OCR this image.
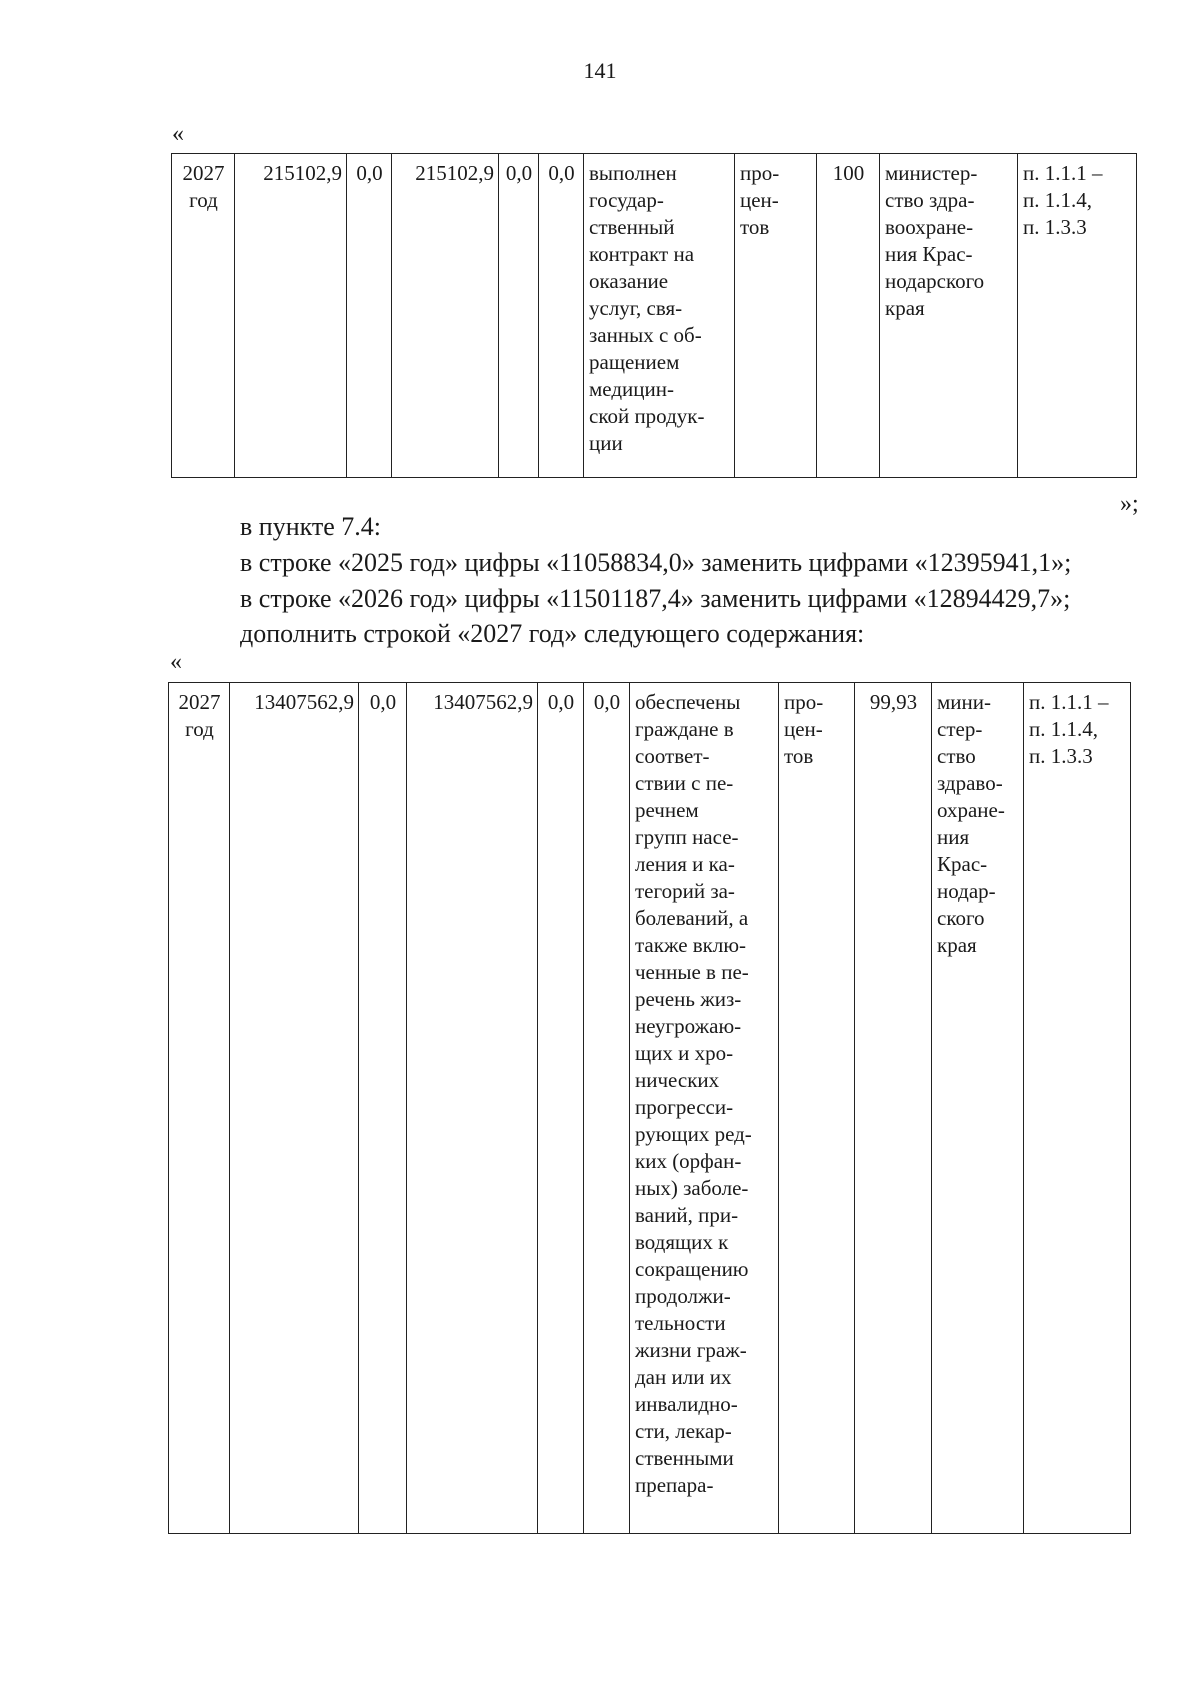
141
«
2027
год	215102,9	0,0	215102,9	0,0	0,0	выполнен
государ-
ственный
контракт на
оказание
услуг, свя-
занных с об-
ращением
медицин-
ской продук-
ции	про-
цен-
тов	100	министер-
ство здра-
воохране-
ния Крас-
нодарского
края	п. 1.1.1 –
п. 1.1.4,
п. 1.3.3
»;
в пункте 7.4:
в строке «2025 год» цифры «11058834,0» заменить цифрами «12395941,1»;
в строке «2026 год» цифры «11501187,4» заменить цифрами «12894429,7»;
дополнить строкой «2027 год» следующего содержания:
«
2027
год	13407562,9	0,0	13407562,9	0,0	0,0	обеспечены
граждане в
соответ-
ствии с пе-
речнем
групп насе-
ления и ка-
тегорий за-
болеваний, а
также вклю-
ченные в пе-
речень жиз-
неугрожаю-
щих и хро-
нических
прогресси-
рующих ред-
ких (орфан-
ных) заболе-
ваний, при-
водящих к
сокращению
продолжи-
тельности
жизни граж-
дан или их
инвалидно-
сти, лекар-
ственными
препара-	про-
цен-
тов	99,93	мини-
стер-
ство
здраво-
охране-
ния
Крас-
нодар-
ского
края	п. 1.1.1 –
п. 1.1.4,
п. 1.3.3
